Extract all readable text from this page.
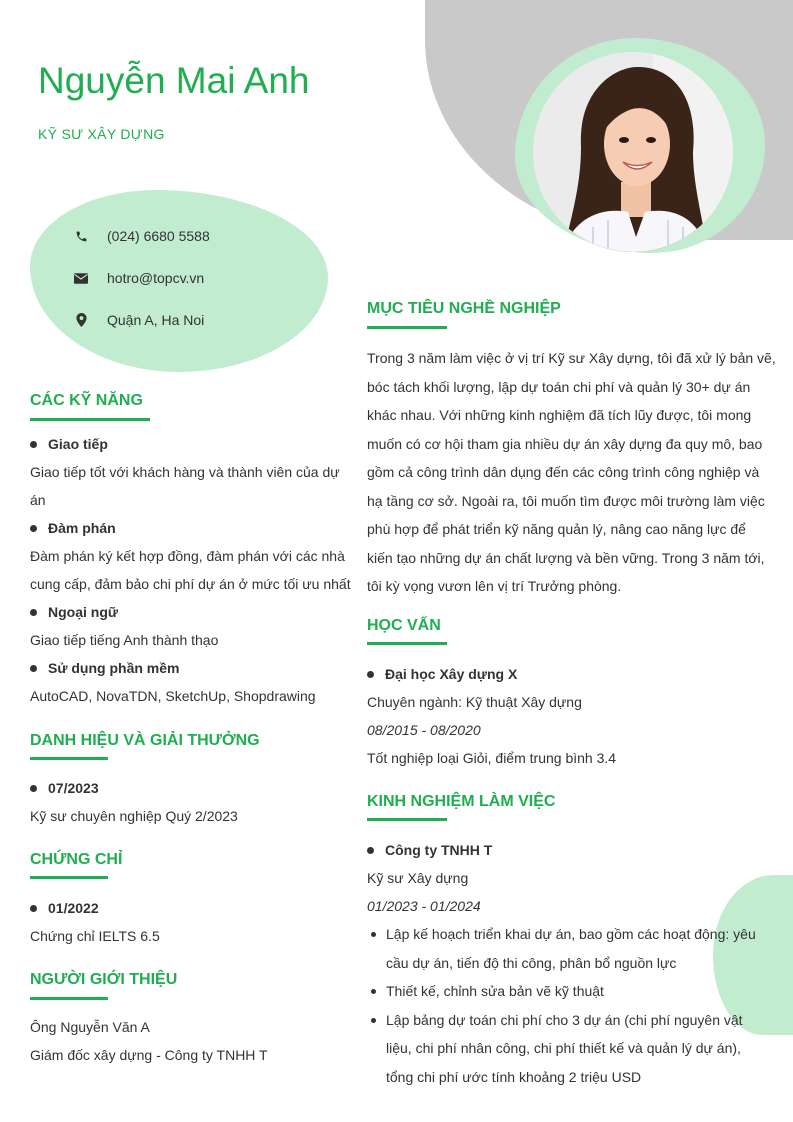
Nguyễn Mai Anh
KỸ SƯ XÂY DỰNG
(024) 6680 5588
hotro@topcv.vn
Quận A, Ha Noi
CÁC KỸ NĂNG
Giao tiếp
Giao tiếp tốt với khách hàng và thành viên của dự
án
Đàm phán
Đàm phán ký kết hợp đồng, đàm phán với các nhà
cung cấp, đảm bảo chi phí dự án ở mức tối ưu nhất
Ngoại ngữ
Giao tiếp tiếng Anh thành thạo
Sử dụng phần mềm
AutoCAD, NovaTDN, SketchUp, Shopdrawing
DANH HIỆU VÀ GIẢI THƯỞNG
07/2023
Kỹ sư chuyên nghiệp Quý 2/2023
CHỨNG CHỈ
01/2022
Chứng chỉ IELTS 6.5
NGƯỜI GIỚI THIỆU
Ông Nguyễn Văn A
Giám đốc xây dựng - Công ty TNHH T
MỤC TIÊU NGHỀ NGHIỆP
Trong 3 năm làm việc ở vị trí Kỹ sư Xây dựng, tôi đã xử lý bản vẽ,
bóc tách khối lượng, lập dự toán chi phí và quản lý 30+ dự án
khác nhau. Với những kinh nghiệm đã tích lũy được, tôi mong
muốn có cơ hội tham gia nhiều dự án xây dựng đa quy mô, bao
gồm cả công trình dân dụng đến các công trình công nghiệp và
hạ tầng cơ sở. Ngoài ra, tôi muốn tìm được môi trường làm việc
phù hợp để phát triển kỹ năng quản lý, nâng cao năng lực để
kiến tạo những dự án chất lượng và bền vững. Trong 3 năm tới,
tôi kỳ vọng vươn lên vị trí Trưởng phòng.
HỌC VẤN
Đại học Xây dựng X
Chuyên ngành: Kỹ thuật Xây dựng
08/2015 - 08/2020
Tốt nghiệp loại Giỏi, điểm trung bình 3.4
KINH NGHIỆM LÀM VIỆC
Công ty TNHH T
Kỹ sư Xây dựng
01/2023 - 01/2024
Lập kế hoạch triển khai dự án, bao gồm các hoạt động: yêu
cầu dự án, tiến độ thi công, phân bổ nguồn lực
Thiết kế, chỉnh sửa bản vẽ kỹ thuật
Lập bảng dự toán chi phí cho 3 dự án (chi phí nguyên vật
liệu, chi phí nhân công, chi phí thiết kế và quản lý dự án),
tổng chi phí ước tính khoảng 2 triệu USD
